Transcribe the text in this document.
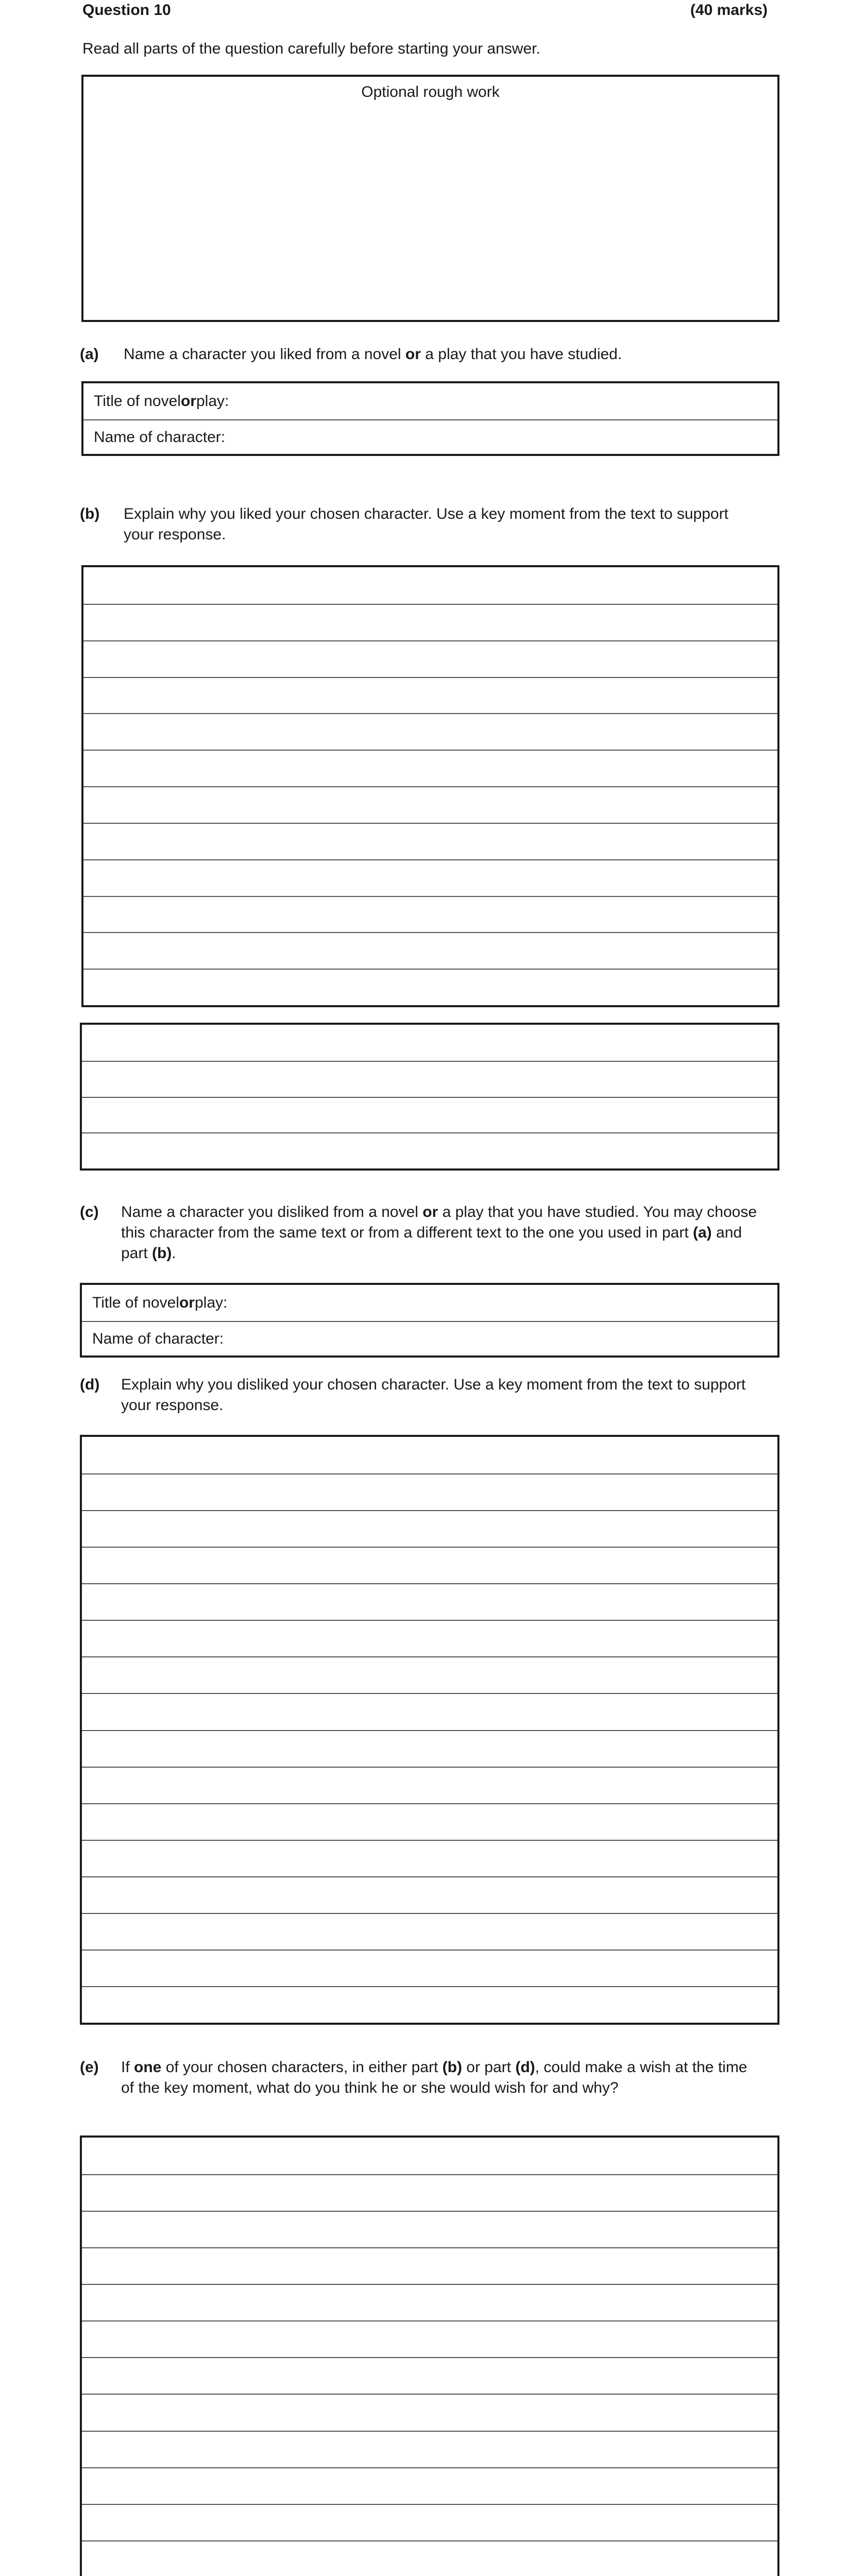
Question 10	(40 marks)
Read all parts of the question carefully before starting your answer.
Optional rough work
(a) Name a character you liked from a novel or a play that you have studied.
Title of novel or play:
Name of character:
(b) Explain why you liked your chosen character. Use a key moment from the text to support
your response.
(c) Name a character you disliked from a novel or a play that you have studied. You may choose
this character from the same text or from a different text to the one you used in part (a) and
part (b).
Title of novel or play:
Name of character:
(d) Explain why you disliked your chosen character. Use a key moment from the text to support
your response.
(e) If one of your chosen characters, in either part (b) or part (d), could make a wish at the time
of the key moment, what do you think he or she would wish for and why?
